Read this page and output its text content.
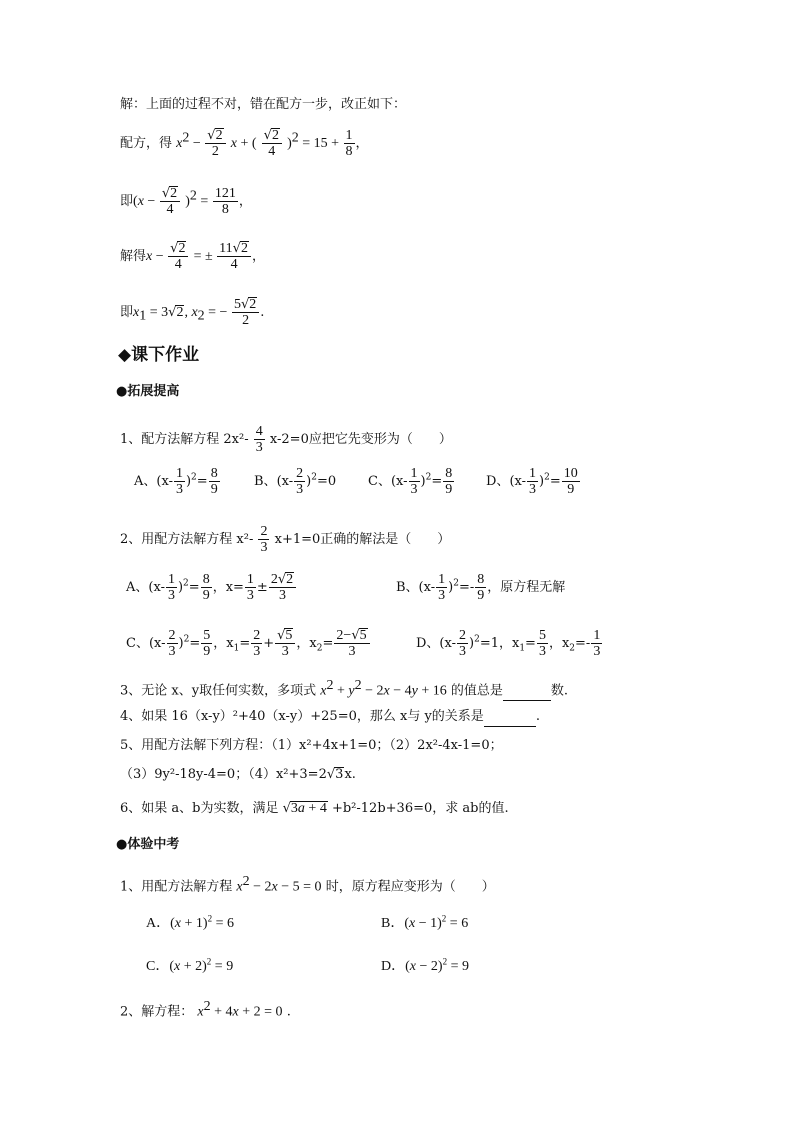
解：上面的过程不对，错在配方一步，改正如下：
配方，得 $x^2 - \frac{√2}{2}$ x + ( $\frac{√2}{4} )^2 = 15 + \frac{1}{8}$ ，
即$(x - \frac{√2}{4} )^2 = \frac{121}{8}$ ，
解得$x - \frac{√2}{4}$ = ± $\frac{11√2}{4}$ ，
即$x_1 = 3√2$, $x_2$ = − $\frac{5√2}{2}$ .
◆课下作业
●拓展提高
1、配方法解方程 $2x^2- \frac{4}{3} x-2=0$应把它先变形为（　　）
A、$(x- \frac{1}{3} )^2= \frac{8}{9}$	B、$(x- \frac{2}{3} )^2=0$ C、$(x- \frac{1}{3} )^2= \frac{8}{9}$ D、$(x- \frac{1}{3} )^2= \frac{10}{9}$
2、用配方法解方程 $x^2- \frac{2}{3} x+1=0$正确的解法是（　　）
A、$(x- \frac{1}{3} )^2= \frac{8}{9}$ ，$x= \frac{1}{3} \pm \frac{2√2}{3}$	B、$(x- \frac{1}{3} )^2=- \frac{8}{9}$ ，原方程无解
C、$(x- \frac{2}{3} )^2= \frac{5}{9}$ ，$x_1= \frac{2}{3} + \frac{√5}{3}$ ，$x_2= \frac{2-√5}{3}$	D、$(x- \frac{2}{3} )^2=1$，$x_1= \frac{5}{3}$ ，$x_2=- \frac{1}{3}$
3、无论 x、y取任何实数，多项式 $x^2 + y^2 - 2x - 4y + 16$ 的值总是	数.
4、如果 16（x-y）²+40（x-y）+25=0，那么 x与 y的关系是	.
5、用配方法解下列方程：（1）x²+4x+1=0；（2）2x²-4x-1=0；
（3）9y²-18y-4=0；（4）x²+3=2√3x.
6、如果 a、b为实数，满足 √3a + 4 +b²-12b+36=0，求 ab的值.
●体验中考
1、用配方法解方程 $x^2 - 2x - 5 = 0$ 时，原方程应变形为（　　）
A．$(x + 1)^2 = 6$	B．$(x - 1)^2 = 6$
C．$(x + 2)^2 = 9$	D．$(x - 2)^2 = 9$
2、解方程： $x^2 + 4x + 2 = 0$ .
